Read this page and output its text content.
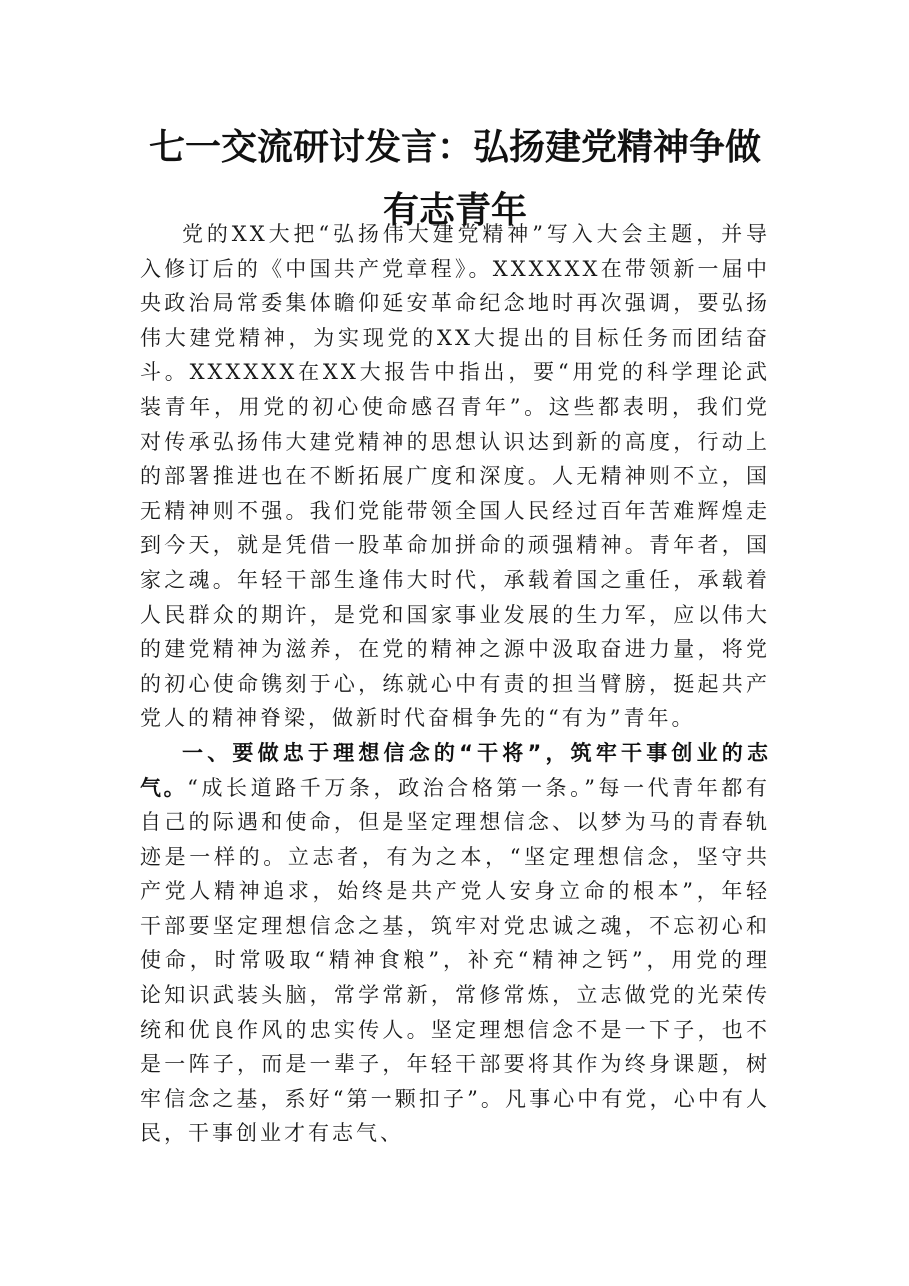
七一交流研讨发言：弘扬建党精神争做有志青年

党的XX大把“弘扬伟大建党精神”写入大会主题，并导入修订后的《中国共产党章程》。XXXXXX在带领新一届中央政治局常委集体瞻仰延安革命纪念地时再次强调，要弘扬伟大建党精神，为实现党的XX大提出的目标任务而团结奋斗。XXXXXX在XX大报告中指出，要“用党的科学理论武装青年，用党的初心使命感召青年”。这些都表明，我们党对传承弘扬伟大建党精神的思想认识达到新的高度，行动上的部署推进也在不断拓展广度和深度。人无精神则不立，国无精神则不强。我们党能带领全国人民经过百年苦难辉煌走到今天，就是凭借一股革命加拼命的顽强精神。青年者，国家之魂。年轻干部生逢伟大时代，承载着国之重任，承载着人民群众的期许，是党和国家事业发展的生力军，应以伟大的建党精神为滋养，在党的精神之源中汲取奋进力量，将党的初心使命镌刻于心，练就心中有责的担当臂膀，挺起共产党人的精神脊梁，做新时代奋楫争先的“有为”青年。

一、要做忠于理想信念的“干将”，筑牢干事创业的志气。“成长道路千万条，政治合格第一条。”每一代青年都有自己的际遇和使命，但是坚定理想信念、以梦为马的青春轨迹是一样的。立志者，有为之本，“坚定理想信念，坚守共产党人精神追求，始终是共产党人安身立命的根本”，年轻干部要坚定理想信念之基，筑牢对党忠诚之魂，不忘初心和使命，时常吸取“精神食粮”，补充“精神之钙”，用党的理论知识武装头脑，常学常新，常修常炼，立志做党的光荣传统和优良作风的忠实传人。坚定理想信念不是一下子，也不是一阵子，而是一辈子，年轻干部要将其作为终身课题，树牢信念之基，系好“第一颗扣子”。凡事心中有党，心中有人民，干事创业才有志气、
